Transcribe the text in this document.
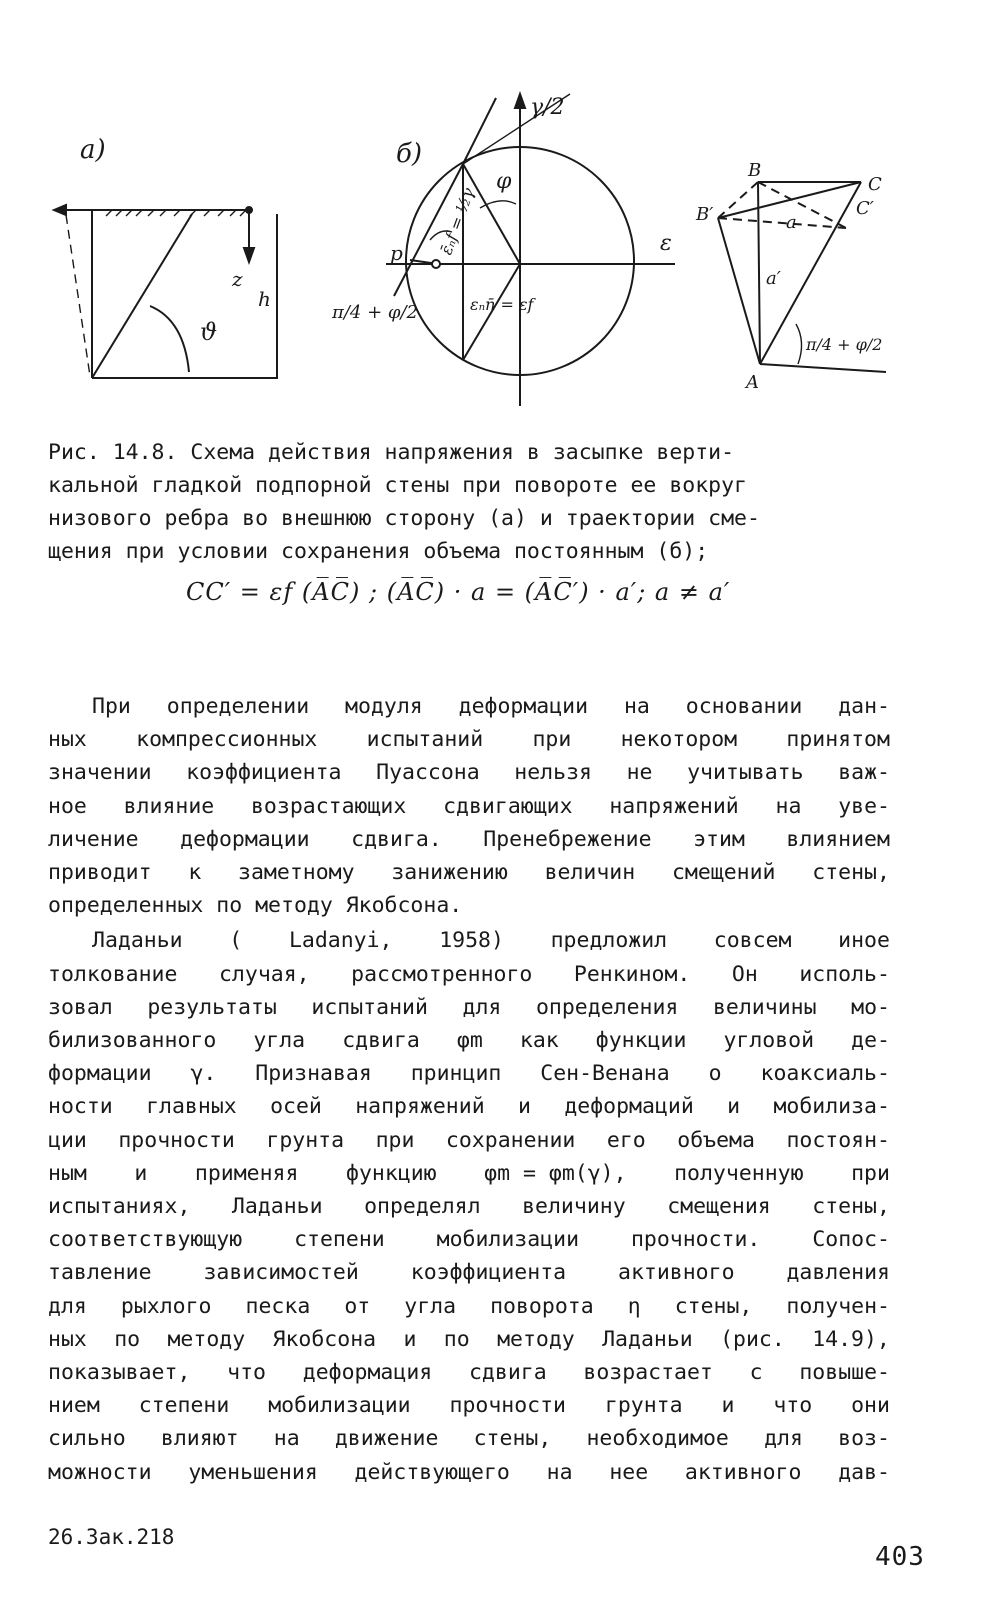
а)
z
h
ϑ
б)
γ/2
ε
p
φ
ε̄ₙf = ½γ
εₙn̄ = εf
π/4 + φ/2
B
B′
C
C′
a
a′
π/4 + φ/2
A
Рис. 14.8. Схема действия напряжения в засыпке верти-
кальной гладкой подпорной стены при повороте ее вокруг
низового ребра во внешнюю сторону (а) и траектории сме-
щения при условии сохранения объема постоянным (б);
CC′ = εf (A̅C̅) ; (A̅C̅) · a = (A̅C̅′) · a′; a ≠ a′
При определении модуля деформации на основании дан-
ных компрессионных испытаний при некотором принятом
значении коэффициента Пуассона нельзя не учитывать важ-
ное влияние возрастающих сдвигающих напряжений на уве-
личение деформации сдвига. Пренебрежение этим влиянием
приводит к заметному занижению величин смещений стены,
определенных по методу Якобсона.
Ладаньи ( Ladanyi, 1958) предложил совсем иное
толкование случая, рассмотренного Ренкином. Он исполь-
зовал результаты испытаний для определения величины мо-
билизованного угла сдвига φm как функции угловой де-
формации γ. Признавая принцип Сен-Венана о коаксиаль-
ности главных осей напряжений и деформаций и мобилиза-
ции прочности грунта при сохранении его объема постоян-
ным и применяя функцию φm = φm(γ), полученную при
испытаниях, Ладаньи определял величину смещения стены,
соответствующую степени мобилизации прочности. Сопос-
тавление зависимостей коэффициента активного давления
для рыхлого песка от угла поворота η стены, получен-
ных по методу Якобсона и по методу Ладаньи (рис. 14.9),
показывает, что деформация сдвига возрастает с повыше-
нием степени мобилизации прочности грунта и что они
сильно влияют на движение стены, необходимое для воз-
можности уменьшения действующего на нее активного дав-
26.Зак.218
403
